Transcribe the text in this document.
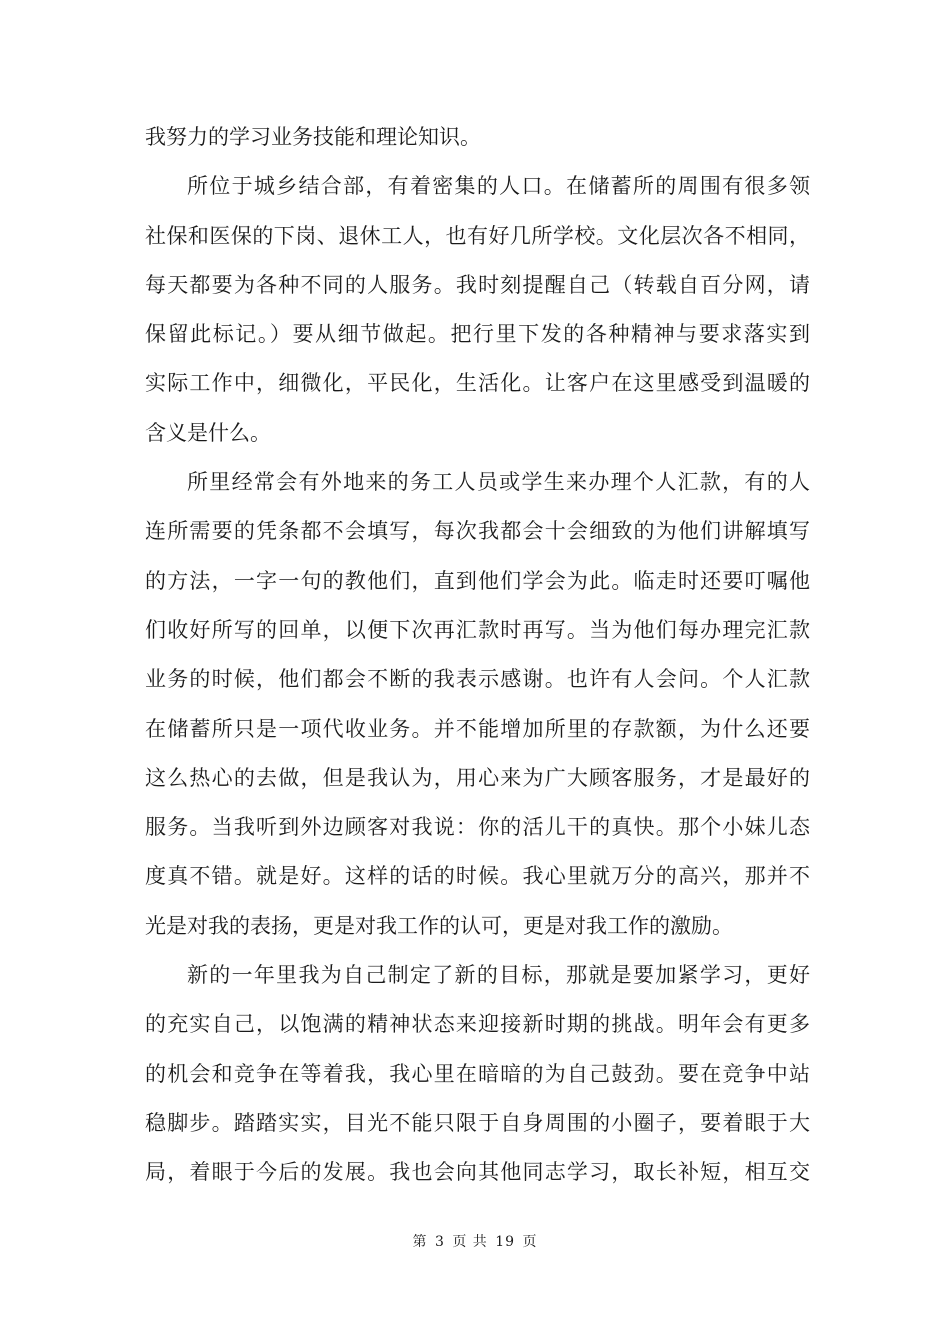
我努力的学习业务技能和理论知识。
所位于城乡结合部，有着密集的人口。在储蓄所的周围有很多领
社保和医保的下岗、退休工人，也有好几所学校。文化层次各不相同，
每天都要为各种不同的人服务。我时刻提醒自己（转载自百分网，请
保留此标记。）要从细节做起。把行里下发的各种精神与要求落实到
实际工作中，细微化，平民化，生活化。让客户在这里感受到温暖的
含义是什么。
所里经常会有外地来的务工人员或学生来办理个人汇款，有的人
连所需要的凭条都不会填写，每次我都会十会细致的为他们讲解填写
的方法，一字一句的教他们，直到他们学会为此。临走时还要叮嘱他
们收好所写的回单，以便下次再汇款时再写。当为他们每办理完汇款
业务的时候，他们都会不断的我表示感谢。也许有人会问。个人汇款
在储蓄所只是一项代收业务。并不能增加所里的存款额，为什么还要
这么热心的去做，但是我认为，用心来为广大顾客服务，才是最好的
服务。当我听到外边顾客对我说：你的活儿干的真快。那个小妹儿态
度真不错。就是好。这样的话的时候。我心里就万分的高兴，那并不
光是对我的表扬，更是对我工作的认可，更是对我工作的激励。
新的一年里我为自己制定了新的目标，那就是要加紧学习，更好
的充实自己，以饱满的精神状态来迎接新时期的挑战。明年会有更多
的机会和竞争在等着我，我心里在暗暗的为自己鼓劲。要在竞争中站
稳脚步。踏踏实实，目光不能只限于自身周围的小圈子，要着眼于大
局，着眼于今后的发展。我也会向其他同志学习，取长补短，相互交
第 3 页 共 19 页
